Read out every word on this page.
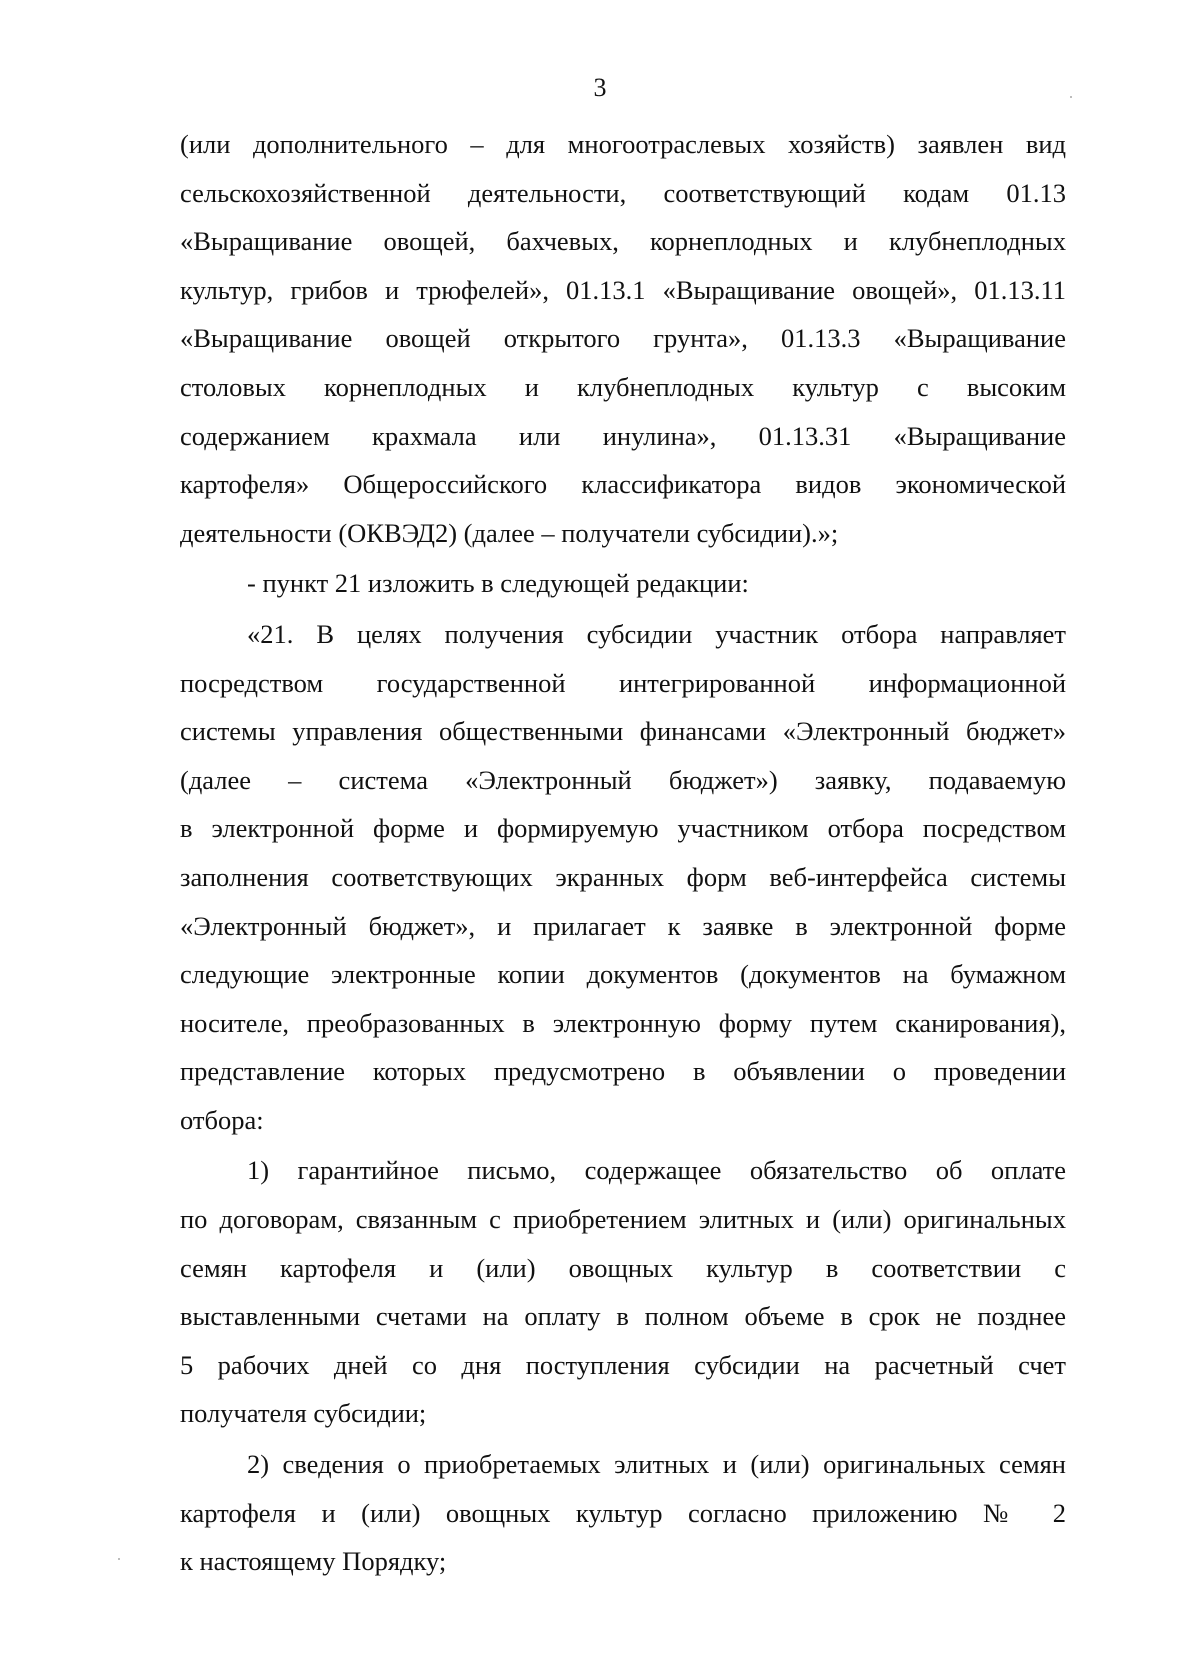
3
(или дополнительного – для многоотраслевых хозяйств) заявлен вид
сельскохозяйственной деятельности, соответствующий кодам 01.13
«Выращивание овощей, бахчевых, корнеплодных и клубнеплодных
культур, грибов и трюфелей», 01.13.1 «Выращивание овощей», 01.13.11
«Выращивание овощей открытого грунта», 01.13.3 «Выращивание
столовых корнеплодных и клубнеплодных культур с высоким
содержанием крахмала или инулина», 01.13.31 «Выращивание
картофеля» Общероссийского классификатора видов экономической
деятельности (ОКВЭД2) (далее – получатели субсидии).»;
- пункт 21 изложить в следующей редакции:
«21. В целях получения субсидии участник отбора направляет
посредством государственной интегрированной информационной
системы управления общественными финансами «Электронный бюджет»
(далее – система «Электронный бюджет») заявку, подаваемую
в электронной форме и формируемую участником отбора посредством
заполнения соответствующих экранных форм веб-интерфейса системы
«Электронный бюджет», и прилагает к заявке в электронной форме
следующие электронные копии документов (документов на бумажном
носителе, преобразованных в электронную форму путем сканирования),
представление которых предусмотрено в объявлении о проведении
отбора:
1) гарантийное письмо, содержащее обязательство об оплате
по договорам, связанным с приобретением элитных и (или) оригинальных
семян картофеля и (или) овощных культур в соответствии с
выставленными счетами на оплату в полном объеме в срок не позднее
5 рабочих дней со дня поступления субсидии на расчетный счет
получателя субсидии;
2) сведения о приобретаемых элитных и (или) оригинальных семян
картофеля и (или) овощных культур согласно приложению № 2
к настоящему Порядку;
